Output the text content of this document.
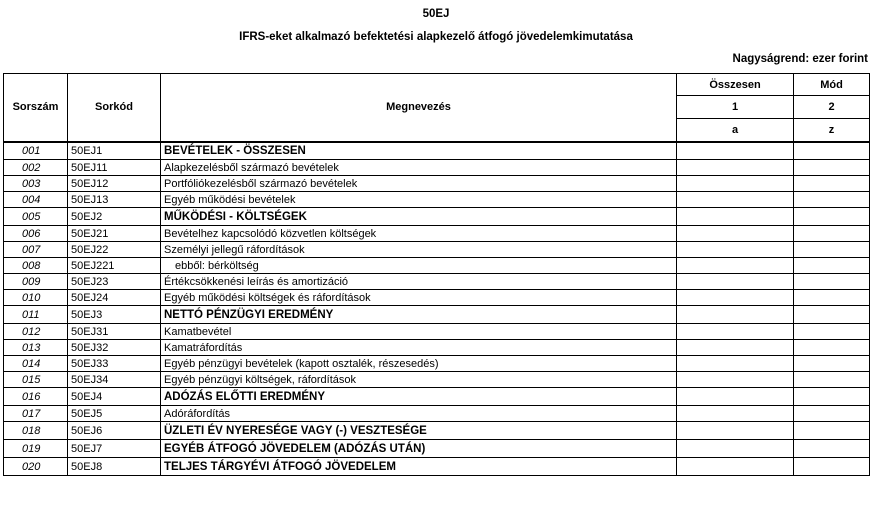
50EJ
IFRS-eket alkalmazó befektetési alapkezelő átfogó jövedelemkimutatása
Nagyságrend: ezer forint
Sorszám	Sorkód	Megnevezés	Összesen	Mód
			1	2
			a	z
001	50EJ1	BEVÉTELEK - ÖSSZESEN		
002	50EJ11	Alapkezelésből származó bevételek		
003	50EJ12	Portfóliókezelésből származó bevételek		
004	50EJ13	Egyéb működési bevételek		
005	50EJ2	MŰKÖDÉSI - KÖLTSÉGEK		
006	50EJ21	Bevételhez kapcsolódó közvetlen költségek		
007	50EJ22	Személyi jellegű ráfordítások		
008	50EJ221	ebből: bérköltség		
009	50EJ23	Értékcsökkenési leírás és amortizáció		
010	50EJ24	Egyéb működési költségek és ráfordítások		
011	50EJ3	NETTÓ PÉNZÜGYI EREDMÉNY		
012	50EJ31	Kamatbevétel		
013	50EJ32	Kamatráfordítás		
014	50EJ33	Egyéb pénzügyi bevételek (kapott osztalék, részesedés)		
015	50EJ34	Egyéb pénzügyi költségek, ráfordítások		
016	50EJ4	ADÓZÁS ELŐTTI EREDMÉNY		
017	50EJ5	Adóráfordítás		
018	50EJ6	ÜZLETI ÉV NYERESÉGE VAGY (-) VESZTESÉGE		
019	50EJ7	EGYÉB ÁTFOGÓ JÖVEDELEM (ADÓZÁS UTÁN)		
020	50EJ8	TELJES TÁRGYÉVI ÁTFOGÓ JÖVEDELEM		
